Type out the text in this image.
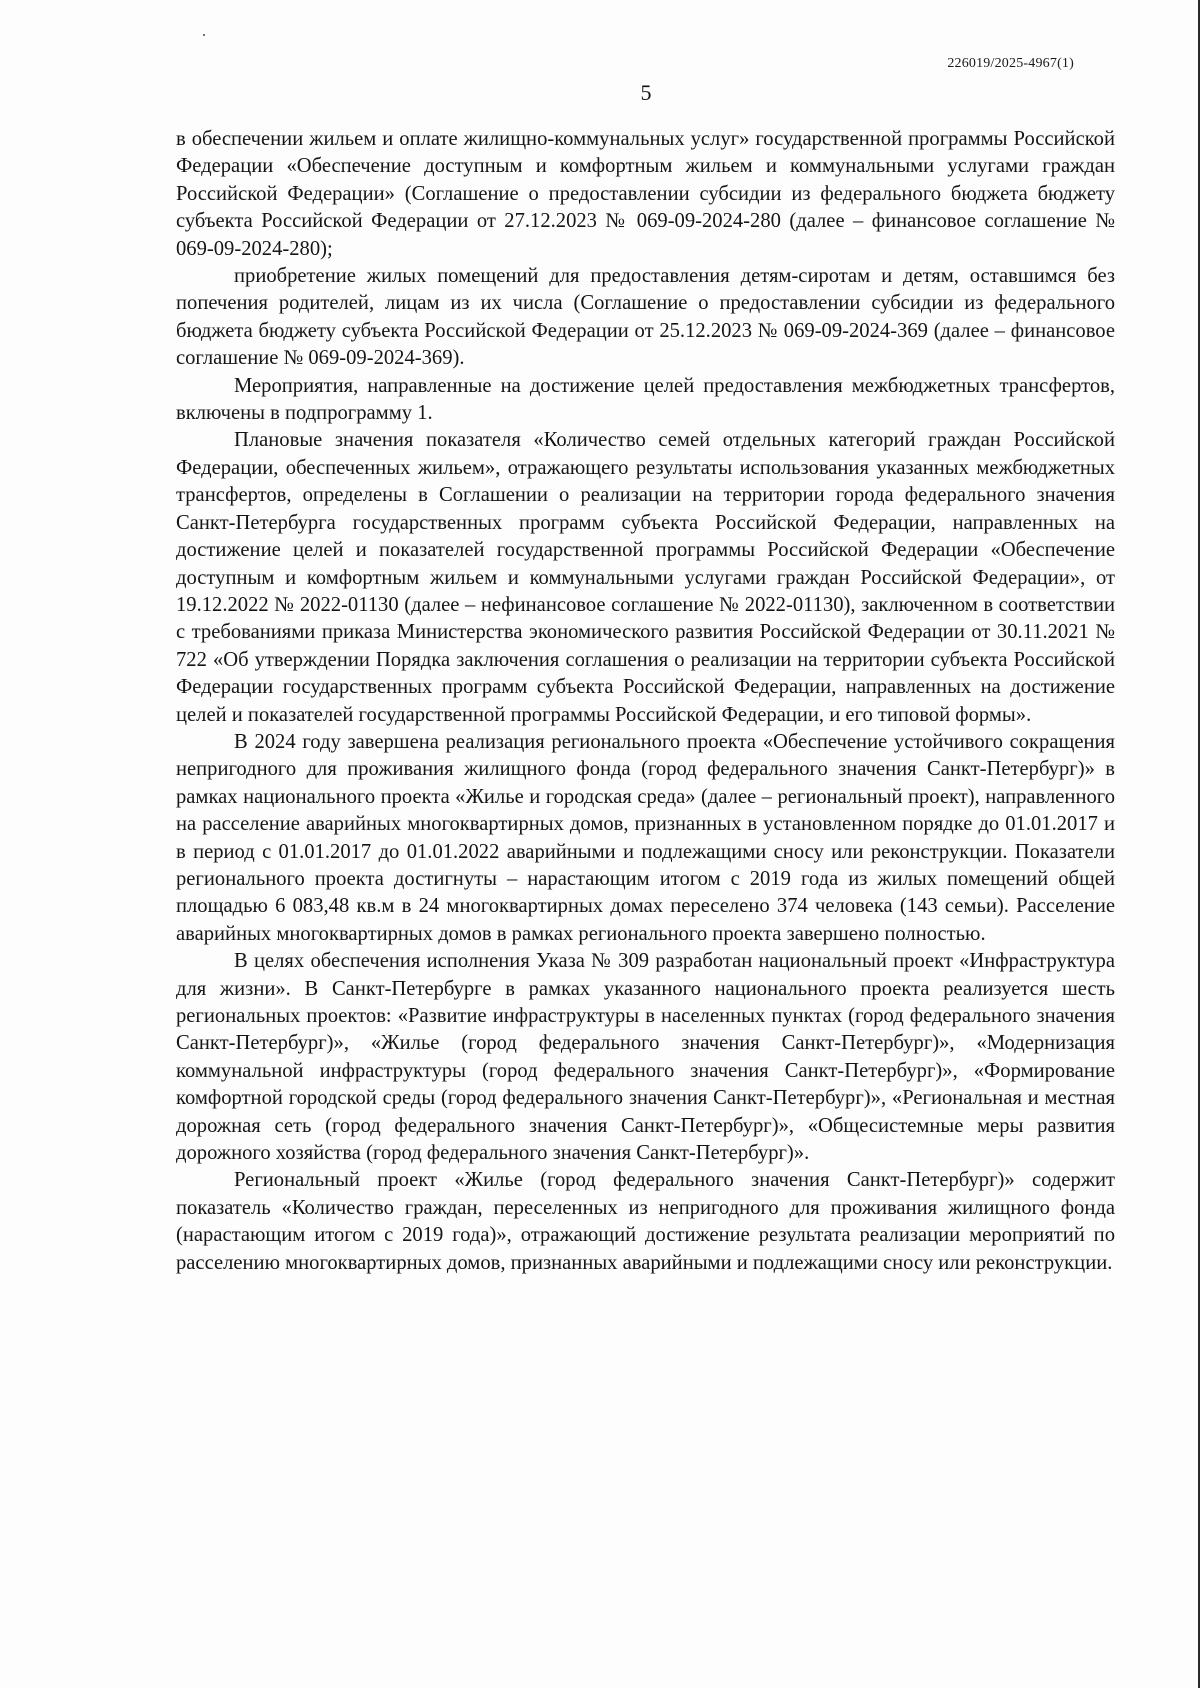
226019/2025-4967(1)
5

в обеспечении жильем и оплате жилищно-коммунальных услуг» государственной программы Российской Федерации «Обеспечение доступным и комфортным жильем и коммунальными услугами граждан Российской Федерации» (Соглашение о предоставлении субсидии из федерального бюджета бюджету субъекта Российской Федерации от 27.12.2023 № 069-09-2024-280 (далее – финансовое соглашение № 069-09-2024-280);

приобретение жилых помещений для предоставления детям-сиротам и детям, оставшимся без попечения родителей, лицам из их числа (Соглашение о предоставлении субсидии из федерального бюджета бюджету субъекта Российской Федерации от 25.12.2023 № 069-09-2024-369 (далее – финансовое соглашение № 069-09-2024-369).

Мероприятия, направленные на достижение целей предоставления межбюджетных трансфертов, включены в подпрограмму 1.

Плановые значения показателя «Количество семей отдельных категорий граждан Российской Федерации, обеспеченных жильем», отражающего результаты использования указанных межбюджетных трансфертов, определены в Соглашении о реализации на территории города федерального значения Санкт-Петербурга государственных программ субъекта Российской Федерации, направленных на достижение целей и показателей государственной программы Российской Федерации «Обеспечение доступным и комфортным жильем и коммунальными услугами граждан Российской Федерации», от 19.12.2022 № 2022-01130 (далее – нефинансовое соглашение № 2022-01130), заключенном в соответствии с требованиями приказа Министерства экономического развития Российской Федерации от 30.11.2021 № 722 «Об утверждении Порядка заключения соглашения о реализации на территории субъекта Российской Федерации государственных программ субъекта Российской Федерации, направленных на достижение целей и показателей государственной программы Российской Федерации, и его типовой формы».

В 2024 году завершена реализация регионального проекта «Обеспечение устойчивого сокращения непригодного для проживания жилищного фонда (город федерального значения Санкт-Петербург)» в рамках национального проекта «Жилье и городская среда» (далее – региональный проект), направленного на расселение аварийных многоквартирных домов, признанных в установленном порядке до 01.01.2017 и в период с 01.01.2017 до 01.01.2022 аварийными и подлежащими сносу или реконструкции. Показатели регионального проекта достигнуты – нарастающим итогом с 2019 года из жилых помещений общей площадью 6 083,48 кв.м в 24 многоквартирных домах переселено 374 человека (143 семьи). Расселение аварийных многоквартирных домов в рамках регионального проекта завершено полностью.

В целях обеспечения исполнения Указа № 309 разработан национальный проект «Инфраструктура для жизни». В Санкт-Петербурге в рамках указанного национального проекта реализуется шесть региональных проектов: «Развитие инфраструктуры в населенных пунктах (город федерального значения Санкт-Петербург)», «Жилье (город федерального значения Санкт-Петербург)», «Модернизация коммунальной инфраструктуры (город федерального значения Санкт-Петербург)», «Формирование комфортной городской среды (город федерального значения Санкт-Петербург)», «Региональная и местная дорожная сеть (город федерального значения Санкт-Петербург)», «Общесистемные меры развития дорожного хозяйства (город федерального значения Санкт-Петербург)».

Региональный проект «Жилье (город федерального значения Санкт-Петербург)» содержит показатель «Количество граждан, переселенных из непригодного для проживания жилищного фонда (нарастающим итогом с 2019 года)», отражающий достижение результата реализации мероприятий по расселению многоквартирных домов, признанных аварийными и подлежащими сносу или реконструкции.
